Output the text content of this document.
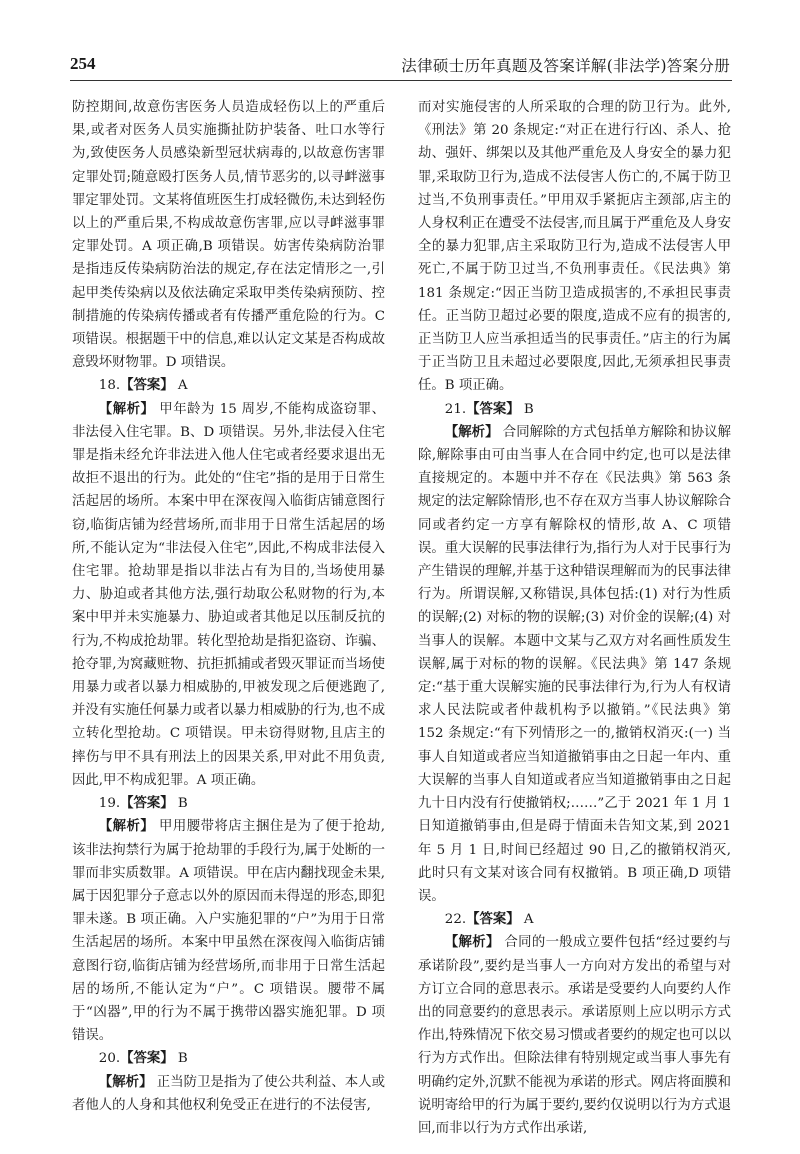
254	法律硕士历年真题及答案详解(非法学)答案分册

防控期间,故意伤害医务人员造成轻伤以上的严重后果,或者对医务人员实施撕扯防护装备、吐口水等行为,致使医务人员感染新型冠状病毒的,以故意伤害罪定罪处罚;随意殴打医务人员,情节恶劣的,以寻衅滋事罪定罪处罚。文某将值班医生打成轻微伤,未达到轻伤以上的严重后果,不构成故意伤害罪,应以寻衅滋事罪定罪处罚。A 项正确,B 项错误。妨害传染病防治罪是指违反传染病防治法的规定,存在法定情形之一,引起甲类传染病以及依法确定采取甲类传染病预防、控制措施的传染病传播或者有传播严重危险的行为。C 项错误。根据题干中的信息,难以认定文某是否构成故意毁坏财物罪。D 项错误。

18.【答案】 A

【解析】 甲年龄为 15 周岁,不能构成盗窃罪、非法侵入住宅罪。B、D 项错误。另外,非法侵入住宅罪是指未经允许非法进入他人住宅或者经要求退出无故拒不退出的行为。此处的“住宅”指的是用于日常生活起居的场所。本案中甲在深夜闯入临街店铺意图行窃,临街店铺为经营场所,而非用于日常生活起居的场所,不能认定为“非法侵入住宅”,因此,不构成非法侵入住宅罪。抢劫罪是指以非法占有为目的,当场使用暴力、胁迫或者其他方法,强行劫取公私财物的行为,本案中甲并未实施暴力、胁迫或者其他足以压制反抗的行为,不构成抢劫罪。转化型抢劫是指犯盗窃、诈骗、抢夺罪,为窝藏赃物、抗拒抓捕或者毁灭罪证而当场使用暴力或者以暴力相威胁的,甲被发现之后便逃跑了,并没有实施任何暴力或者以暴力相威胁的行为,也不成立转化型抢劫。C 项错误。甲未窃得财物,且店主的摔伤与甲不具有刑法上的因果关系,甲对此不用负责,因此,甲不构成犯罪。A 项正确。

19.【答案】 B

【解析】 甲用腰带将店主捆住是为了便于抢劫,该非法拘禁行为属于抢劫罪的手段行为,属于处断的一罪而非实质数罪。A 项错误。甲在店内翻找现金未果,属于因犯罪分子意志以外的原因而未得逞的形态,即犯罪未遂。B 项正确。入户实施犯罪的“户”为用于日常生活起居的场所。本案中甲虽然在深夜闯入临街店铺意图行窃,临街店铺为经营场所,而非用于日常生活起居的场所,不能认定为“户”。C 项错误。腰带不属于“凶器”,甲的行为不属于携带凶器实施犯罪。D 项错误。

20.【答案】 B

【解析】 正当防卫是指为了使公共利益、本人或者他人的人身和其他权利免受正在进行的不法侵害,

而对实施侵害的人所采取的合理的防卫行为。此外,《刑法》第 20 条规定:“对正在进行行凶、杀人、抢劫、强奸、绑架以及其他严重危及人身安全的暴力犯罪,采取防卫行为,造成不法侵害人伤亡的,不属于防卫过当,不负刑事责任。”甲用双手紧扼店主颈部,店主的人身权利正在遭受不法侵害,而且属于严重危及人身安全的暴力犯罪,店主采取防卫行为,造成不法侵害人甲死亡,不属于防卫过当,不负刑事责任。《民法典》第 181 条规定:“因正当防卫造成损害的,不承担民事责任。正当防卫超过必要的限度,造成不应有的损害的,正当防卫人应当承担适当的民事责任。”店主的行为属于正当防卫且未超过必要限度,因此,无须承担民事责任。B 项正确。

21.【答案】 B

【解析】 合同解除的方式包括单方解除和协议解除,解除事由可由当事人在合同中约定,也可以是法律直接规定的。本题中并不存在《民法典》第 563 条规定的法定解除情形,也不存在双方当事人协议解除合同或者约定一方享有解除权的情形,故 A、C 项错误。重大误解的民事法律行为,指行为人对于民事行为产生错误的理解,并基于这种错误理解而为的民事法律行为。所谓误解,又称错误,具体包括:(1) 对行为性质的误解;(2) 对标的物的误解;(3) 对价金的误解;(4) 对当事人的误解。本题中文某与乙双方对名画性质发生误解,属于对标的物的误解。《民法典》第 147 条规定:“基于重大误解实施的民事法律行为,行为人有权请求人民法院或者仲裁机构予以撤销。”《民法典》第 152 条规定:“有下列情形之一的,撤销权消灭:(一) 当事人自知道或者应当知道撤销事由之日起一年内、重大误解的当事人自知道或者应当知道撤销事由之日起九十日内没有行使撤销权;……”乙于 2021 年 1 月 1 日知道撤销事由,但是碍于情面未告知文某,到 2021 年 5 月 1 日,时间已经超过 90 日,乙的撤销权消灭,此时只有文某对该合同有权撤销。B 项正确,D 项错误。

22.【答案】 A

【解析】 合同的一般成立要件包括“经过要约与承诺阶段”,要约是当事人一方向对方发出的希望与对方订立合同的意思表示。承诺是受要约人向要约人作出的同意要约的意思表示。承诺原则上应以明示方式作出,特殊情况下依交易习惯或者要约的规定也可以以行为方式作出。但除法律有特别规定或当事人事先有明确约定外,沉默不能视为承诺的形式。网店将面膜和说明寄给甲的行为属于要约,要约仅说明以行为方式退回,而非以行为方式作出承诺,
